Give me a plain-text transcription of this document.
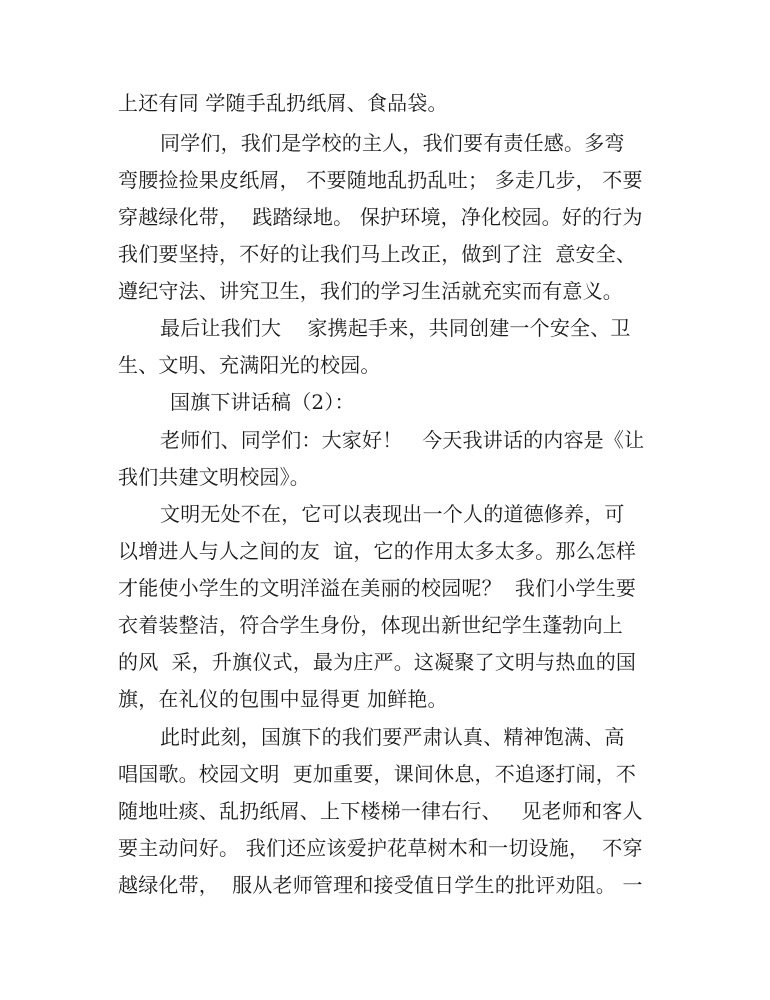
上还有同 学随手乱扔纸屑、食品袋。
同学们，我们是学校的主人，我们要有责任感。多弯
弯腰捡捡果皮纸屑， 不要随地乱扔乱吐； 多走几步， 不要
穿越绿化带，  践踏绿地。 保护环境，净化校园。好的行为
我们要坚持，不好的让我们马上改正，做到了注  意安全、
遵纪守法、讲究卫生，我们的学习生活就充实而有意义。
最后让我们大    家携起手来，共同创建一个安全、卫
生、文明、充满阳光的校园。
国旗下讲话稿（2）：
老师们、同学们：大家好！   今天我讲话的内容是《让
我们共建文明校园》。
文明无处不在，它可以表现出一个人的道德修养，可
以增进人与人之间的友  谊，它的作用太多太多。那么怎样
才能使小学生的文明洋溢在美丽的校园呢？  我们小学生要
衣着装整洁，符合学生身份，体现出新世纪学生蓬勃向上
的风  采，升旗仪式，最为庄严。这凝聚了文明与热血的国
旗，在礼仪的包围中显得更 加鲜艳。
此时此刻，国旗下的我们要严肃认真、精神饱满、高
唱国歌。校园文明  更加重要，课间休息，不追逐打闹，不
随地吐痰、乱扔纸屑、上下楼梯一律右行、   见老师和客人
要主动问好。 我们还应该爱护花草树木和一切设施，  不穿
越绿化带，  服从老师管理和接受值日学生的批评劝阻。 一
